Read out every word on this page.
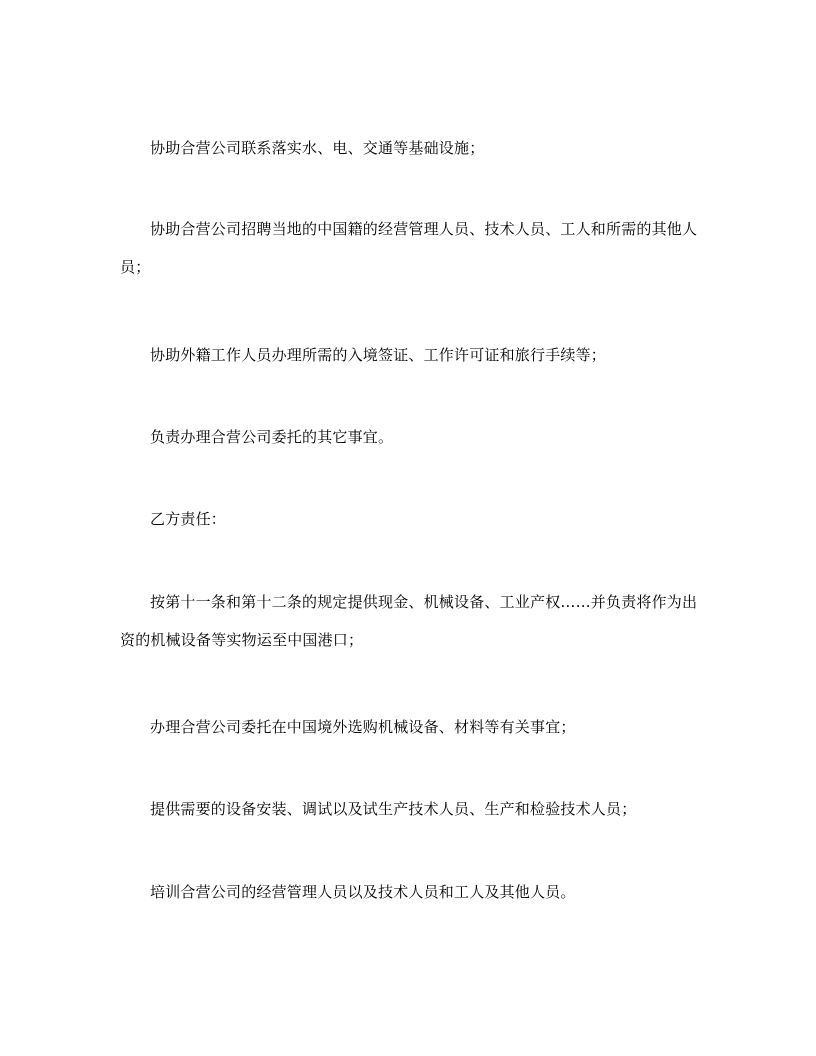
协助合营公司联系落实水、电、交通等基础设施；

协助合营公司招聘当地的中国籍的经营管理人员、技术人员、工人和所需的其他人员；

协助外籍工作人员办理所需的入境签证、工作许可证和旅行手续等；

负责办理合营公司委托的其它事宜。

乙方责任：

按第十一条和第十二条的规定提供现金、机械设备、工业产权……并负责将作为出资的机械设备等实物运至中国港口；

办理合营公司委托在中国境外选购机械设备、材料等有关事宜；

提供需要的设备安装、调试以及试生产技术人员、生产和检验技术人员；

培训合营公司的经营管理人员以及技术人员和工人及其他人员。
